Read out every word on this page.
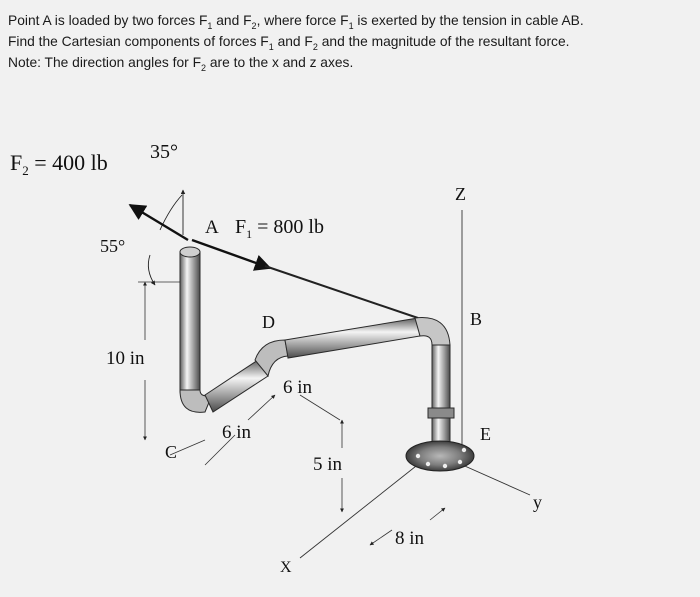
Point A is loaded by two forces $F_1$ and $F_2$, where force $F_1$ is exerted by the tension in cable AB.
Find the Cartesian components of forces $F_1$ and $F_2$ and the magnitude of the resultant force.
Note: The direction angles for $F_2$ are to the x and z axes.
$F_2 = 400$ lb 35°
55°
A $F_1 = 800$ lb
Z
B
D
10 in
6 in
6 in
C
E
5 in
y
8 in
X
